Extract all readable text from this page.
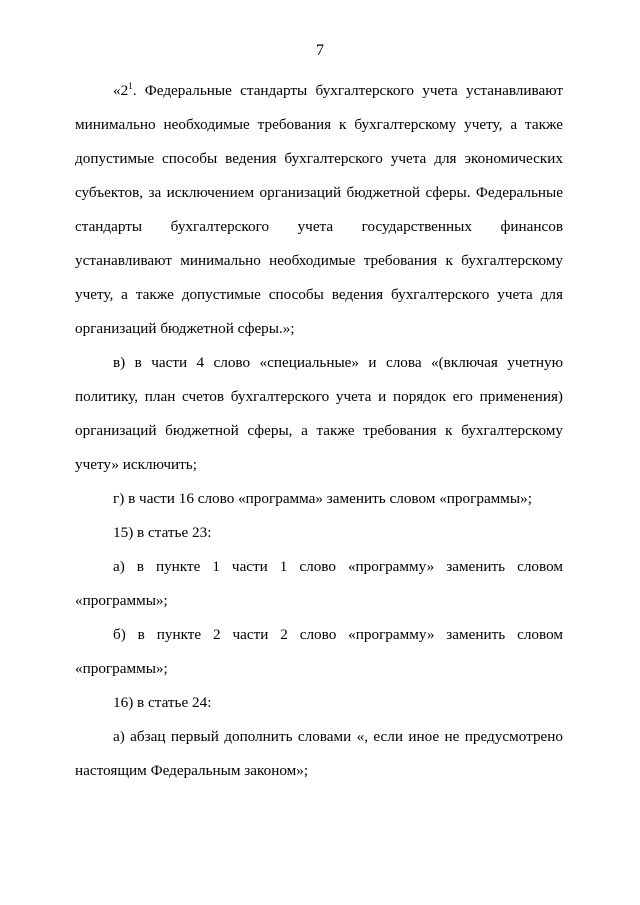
7

«$2^1$. Федеральные стандарты бухгалтерского учета устанавливают минимально необходимые требования к бухгалтерскому учету, а также допустимые способы ведения бухгалтерского учета для экономических субъектов, за исключением организаций бюджетной сферы. Федеральные стандарты бухгалтерского учета государственных финансов устанавливают минимально необходимые требования к бухгалтерскому учету, а также допустимые способы ведения бухгалтерского учета для организаций бюджетной сферы.»;

в) в части 4 слово «специальные» и слова «(включая учетную политику, план счетов бухгалтерского учета и порядок его применения) организаций бюджетной сферы, а также требования к бухгалтерскому учету» исключить;

г) в части 16 слово «программа» заменить словом «программы»;

15) в статье 23:

а) в пункте 1 части 1 слово «программу» заменить словом «программы»;

б) в пункте 2 части 2 слово «программу» заменить словом «программы»;

16) в статье 24:

а) абзац первый дополнить словами «, если иное не предусмотрено настоящим Федеральным законом»;
